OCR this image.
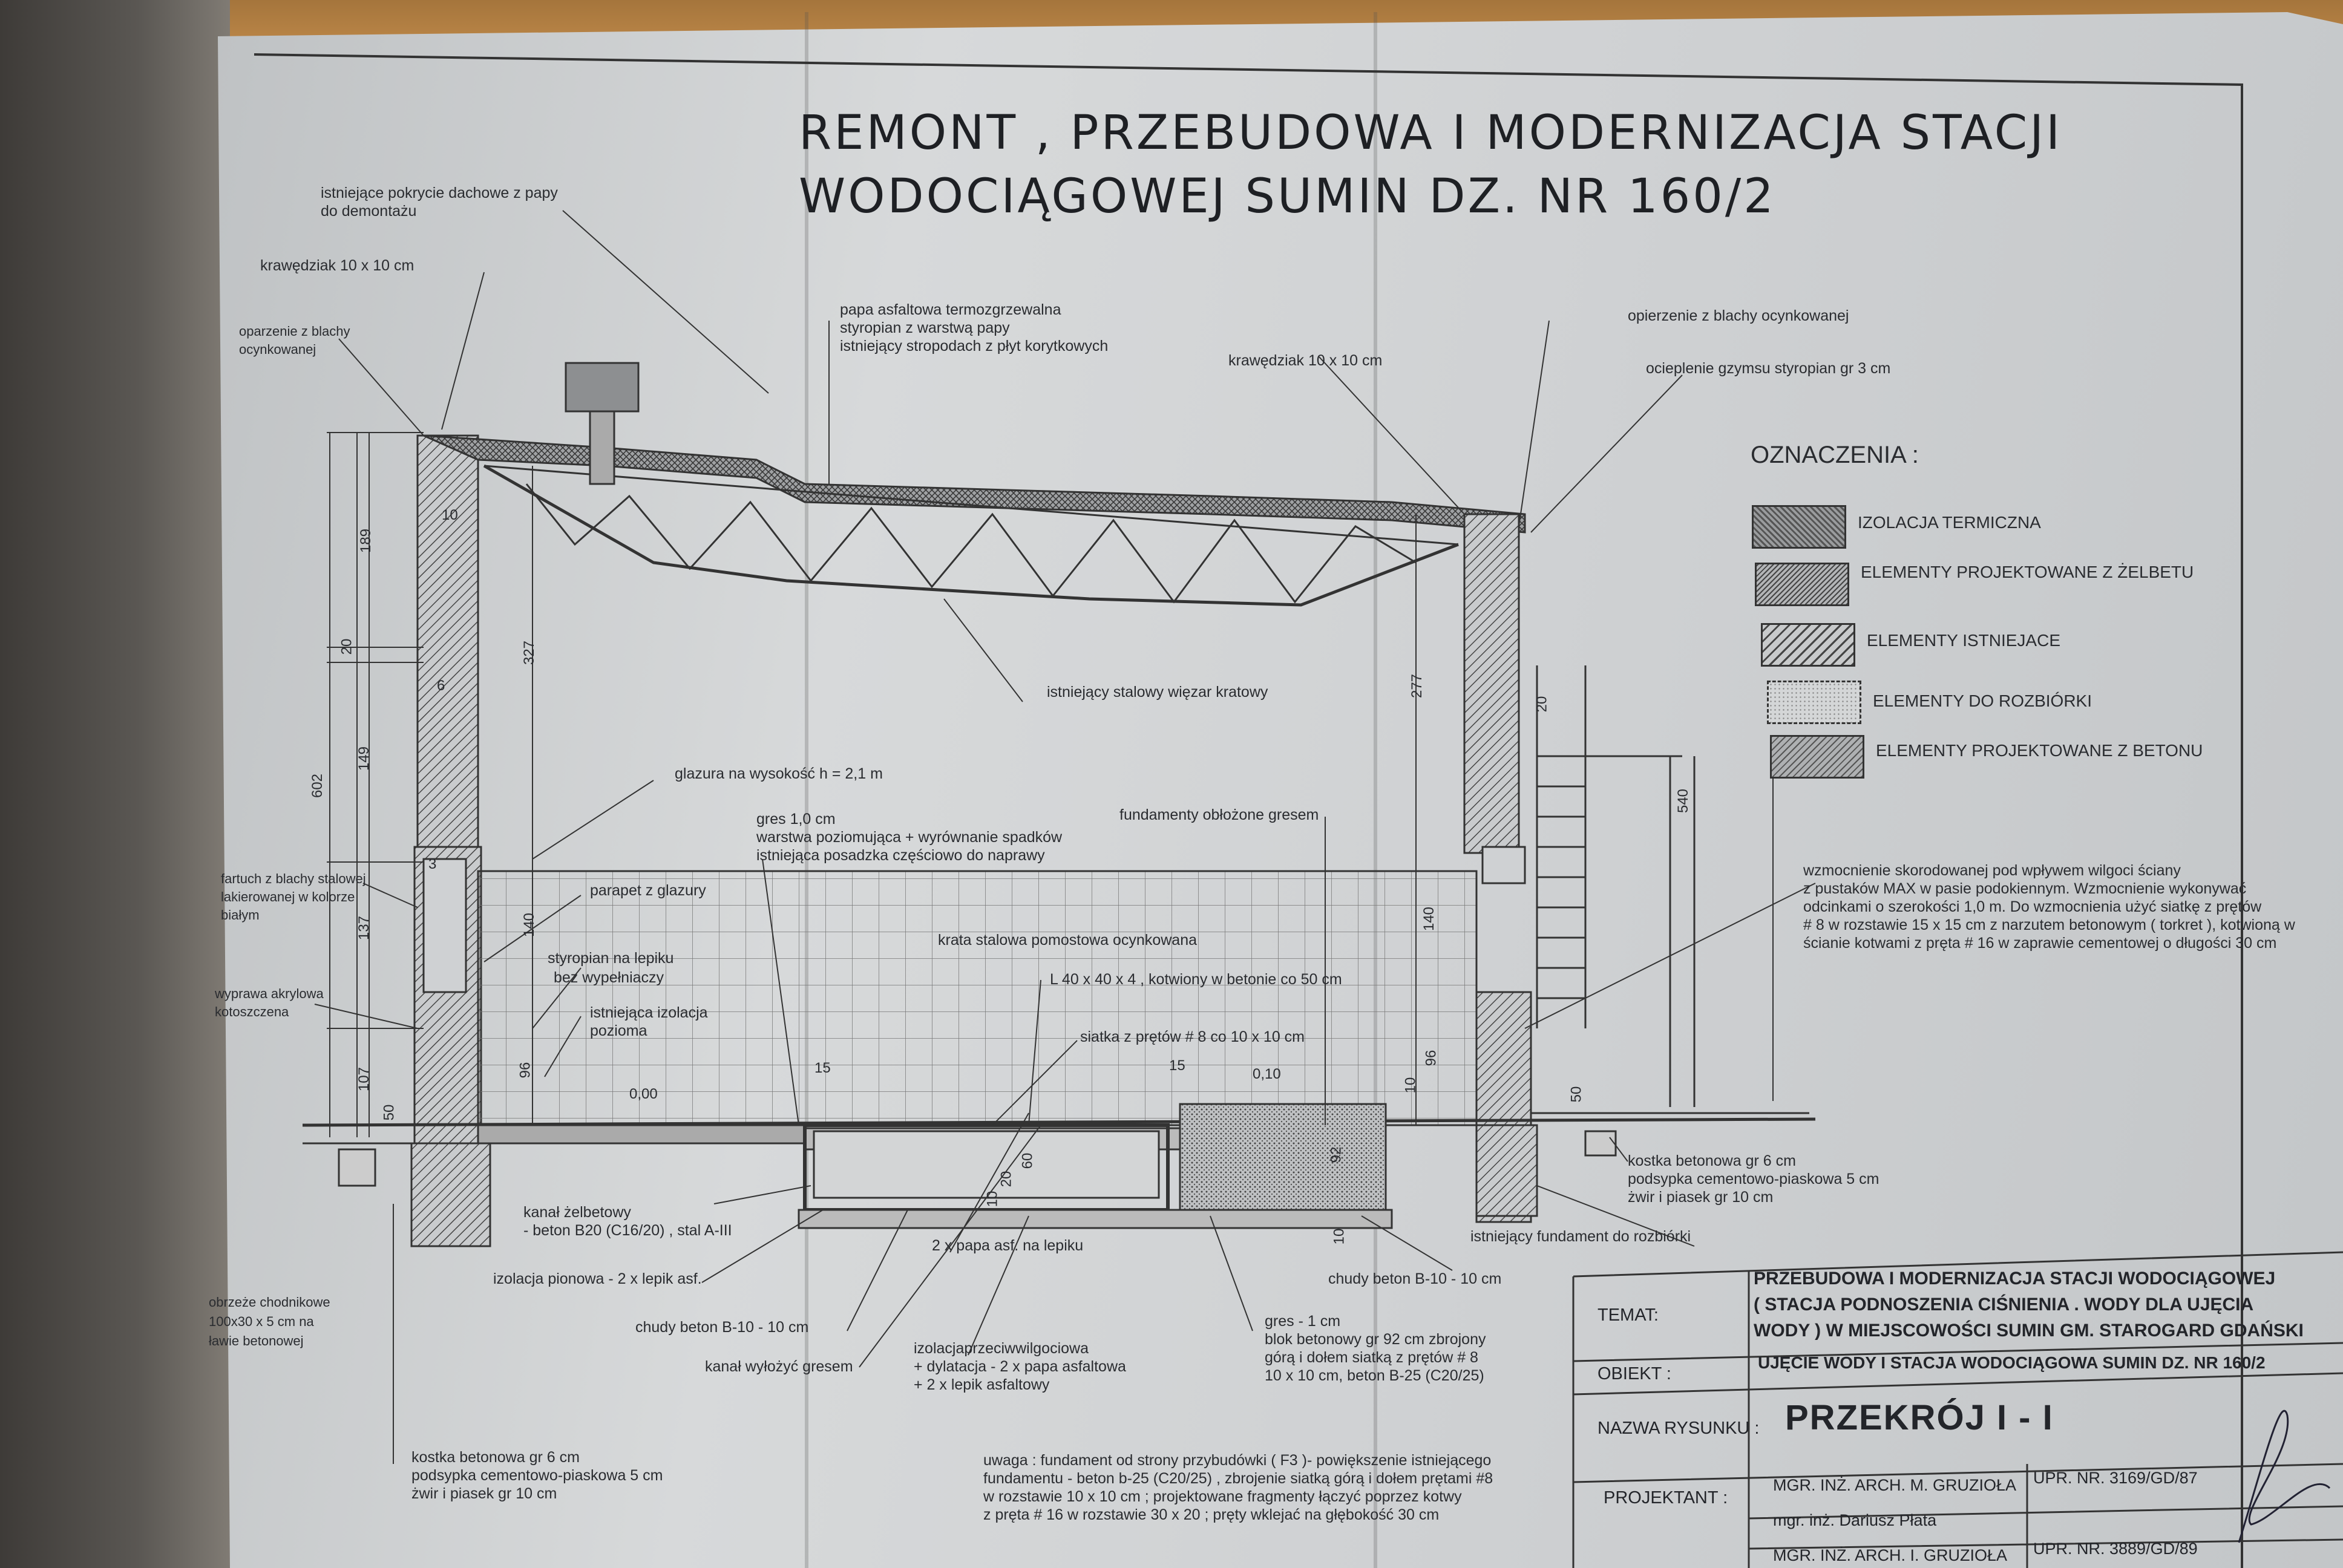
REMONT , PRZEBUDOWA I MODERNIZACJA STACJI
WODOCIĄGOWEJ SUMIN DZ. NR 160/2
istniejące pokrycie dachowe z papy
do demontażu
krawędziak 10 x 10 cm
oparzenie z blachy
ocynkowanej
papa asfaltowa termozgrzewalna
styropian z warstwą papy
istniejący stropodach z płyt korytkowych
krawędziak 10 x 10 cm
opierzenie z blachy ocynkowanej
ocieplenie gzymsu styropian gr 3 cm
istniejący stalowy więzar kratowy
glazura na wysokość h = 2,1 m
gres 1,0 cm
warstwa poziomująca + wyrównanie spadków
istniejąca posadzka częściowo do naprawy
fundamenty obłożone gresem
fartuch z blachy stalowej
lakierowanej w kolorze
białym
parapet z glazury
krata stalowa pomostowa ocynkowana
styropian na lepiku
bez wypełniaczy
istniejąca izolacja
pozioma
L 40 x 40 x 4 , kotwiony w betonie co 50 cm
wyprawa akrylowa
kotoszczena
siatka z prętów # 8 co 10 x 10 cm
kanał żelbetowy
- beton B20 (C16/20) , stal A-III
2 x papa asf. na lepiku
izolacja pionowa - 2 x lepik asf.
chudy beton B-10 - 10 cm
kanał wyłożyć gresem
izolacjaprzeciwwilgociowa
+ dylatacja - 2 x papa asfaltowa
+ 2 x lepik asfaltowy
gres - 1 cm
blok betonowy gr 92 cm zbrojony
górą i dołem siatką z prętów # 8
10 x 10 cm, beton B-25 (C20/25)
chudy beton B-10 - 10 cm
istniejący fundament do rozbiórki
kostka betonowa gr 6 cm
podsypka cementowo-piaskowa 5 cm
żwir i piasek gr 10 cm
kostka betonowa gr 6 cm
podsypka cementowo-piaskowa 5 cm
żwir i piasek gr 10 cm
obrzeże chodnikowe
100x30 x 5 cm na
ławie betonowej
wzmocnienie skorodowanej pod wpływem wilgoci ściany
z pustaków MAX w pasie podokiennym. Wzmocnienie wykonywać
odcinkami o szerokości 1,0 m. Do wzmocnienia użyć siatkę z prętów
# 8 w rozstawie 15 x 15 cm z narzutem betonowym ( torkret ), kotwioną w
ścianie kotwami z pręta # 16 w zaprawie cementowej o długości 30 cm
uwaga : fundament od strony przybudówki ( F3 )- powiększenie istniejącego
fundamentu - beton b-25 (C20/25) , zbrojenie siatką górą i dołem prętami #8
w rozstawie 10 x 10 cm ; projektowane fragmenty łączyć poprzez kotwy
z pręta # 16 w rozstawie 30 x 20 ; pręty wklejać na głębokość 30 cm
189
20
149
602
137
107
50
327
140
96
10
6
3
15	15
0,00
0,10
60
20
10
92
10
277
140
96
10
20
540
50
OZNACZENIA :
IZOLACJA TERMICZNA
ELEMENTY PROJEKTOWANE Z ŻELBETU
ELEMENTY ISTNIEJACE
ELEMENTY DO ROZBIÓRKI
ELEMENTY PROJEKTOWANE Z BETONU
TEMAT:
PRZEBUDOWA I MODERNIZACJA STACJI WODOCIĄGOWEJ
( STACJA PODNOSZENIA CIŚNIENIA . WODY DLA UJĘCIA
WODY ) W MIEJSCOWOŚCI SUMIN GM. STAROGARD GDAŃSKI
OBIEKT :
UJĘCIE WODY I STACJA WODOCIĄGOWA SUMIN DZ. NR 160/2
NAZWA RYSUNKU : PRZEKRÓJ I - I
PROJEKTANT :
MGR. INŻ. ARCH. M. GRUZIOŁA UPR. NR. 3169/GD/87
mgr. inż. Dariusz Płata
MGR. INŻ. ARCH. I. GRUZIOŁA UPR. NR. 3889/GD/89
